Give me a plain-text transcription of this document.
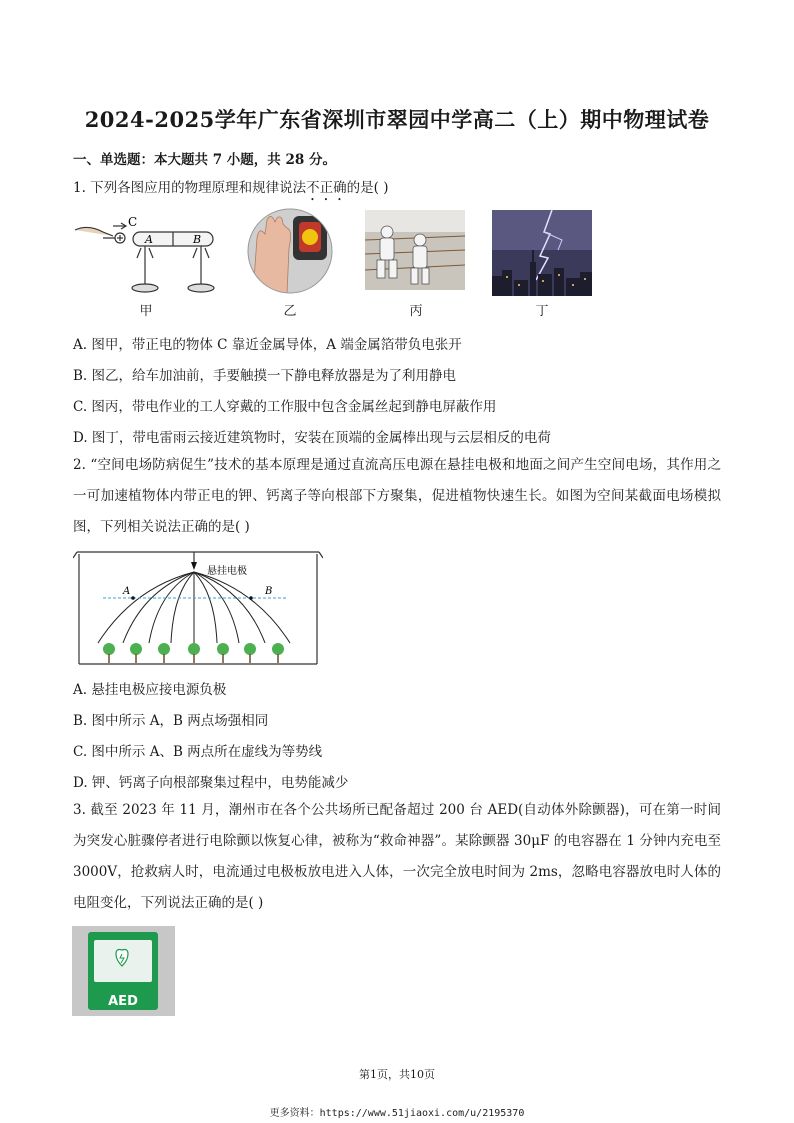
2024-2025学年广东省深圳市翠园中学高二（上）期中物理试卷
一、单选题：本大题共 7 小题，共 28 分。
1. 下列各图应用的物理原理和规律说法不正确的是( )
C
A	B
甲	乙	丙	丁
A. 图甲，带正电的物体 C 靠近金属导体，A 端金属箔带负电张开
B. 图乙，给车加油前，手要触摸一下静电释放器是为了利用静电
C. 图丙，带电作业的工人穿戴的工作服中包含金属丝起到静电屏蔽作用
D. 图丁，带电雷雨云接近建筑物时，安装在顶端的金属棒出现与云层相反的电荷
2. “空间电场防病促生”技术的基本原理是通过直流高压电源在悬挂电极和地面之间产生空间电场，其作用之一可加速植物体内带正电的钾、钙离子等向根部下方聚集，促进植物快速生长。如图为空间某截面电场模拟图，下列相关说法正确的是( )
A	B
悬挂电极
A. 悬挂电极应接电源负极
B. 图中所示 A，B 两点场强相同
C. 图中所示 A、B 两点所在虚线为等势线
D. 钾、钙离子向根部聚集过程中，电势能减少
3. 截至 2023 年 11 月，潮州市在各个公共场所已配备超过 200 台 AED(自动体外除颤器)，可在第一时间为突发心脏骤停者进行电除颤以恢复心律，被称为“救命神器”。某除颤器 30μF 的电容器在 1 分钟内充电至 3000V，抢救病人时，电流通过电极板放电进入人体，一次完全放电时间为 2ms，忽略电容器放电时人体的电阻变化，下列说法正确的是( )
AED
第1页，共10页
更多资料：https://www.51jiaoxi.com/u/2195370
